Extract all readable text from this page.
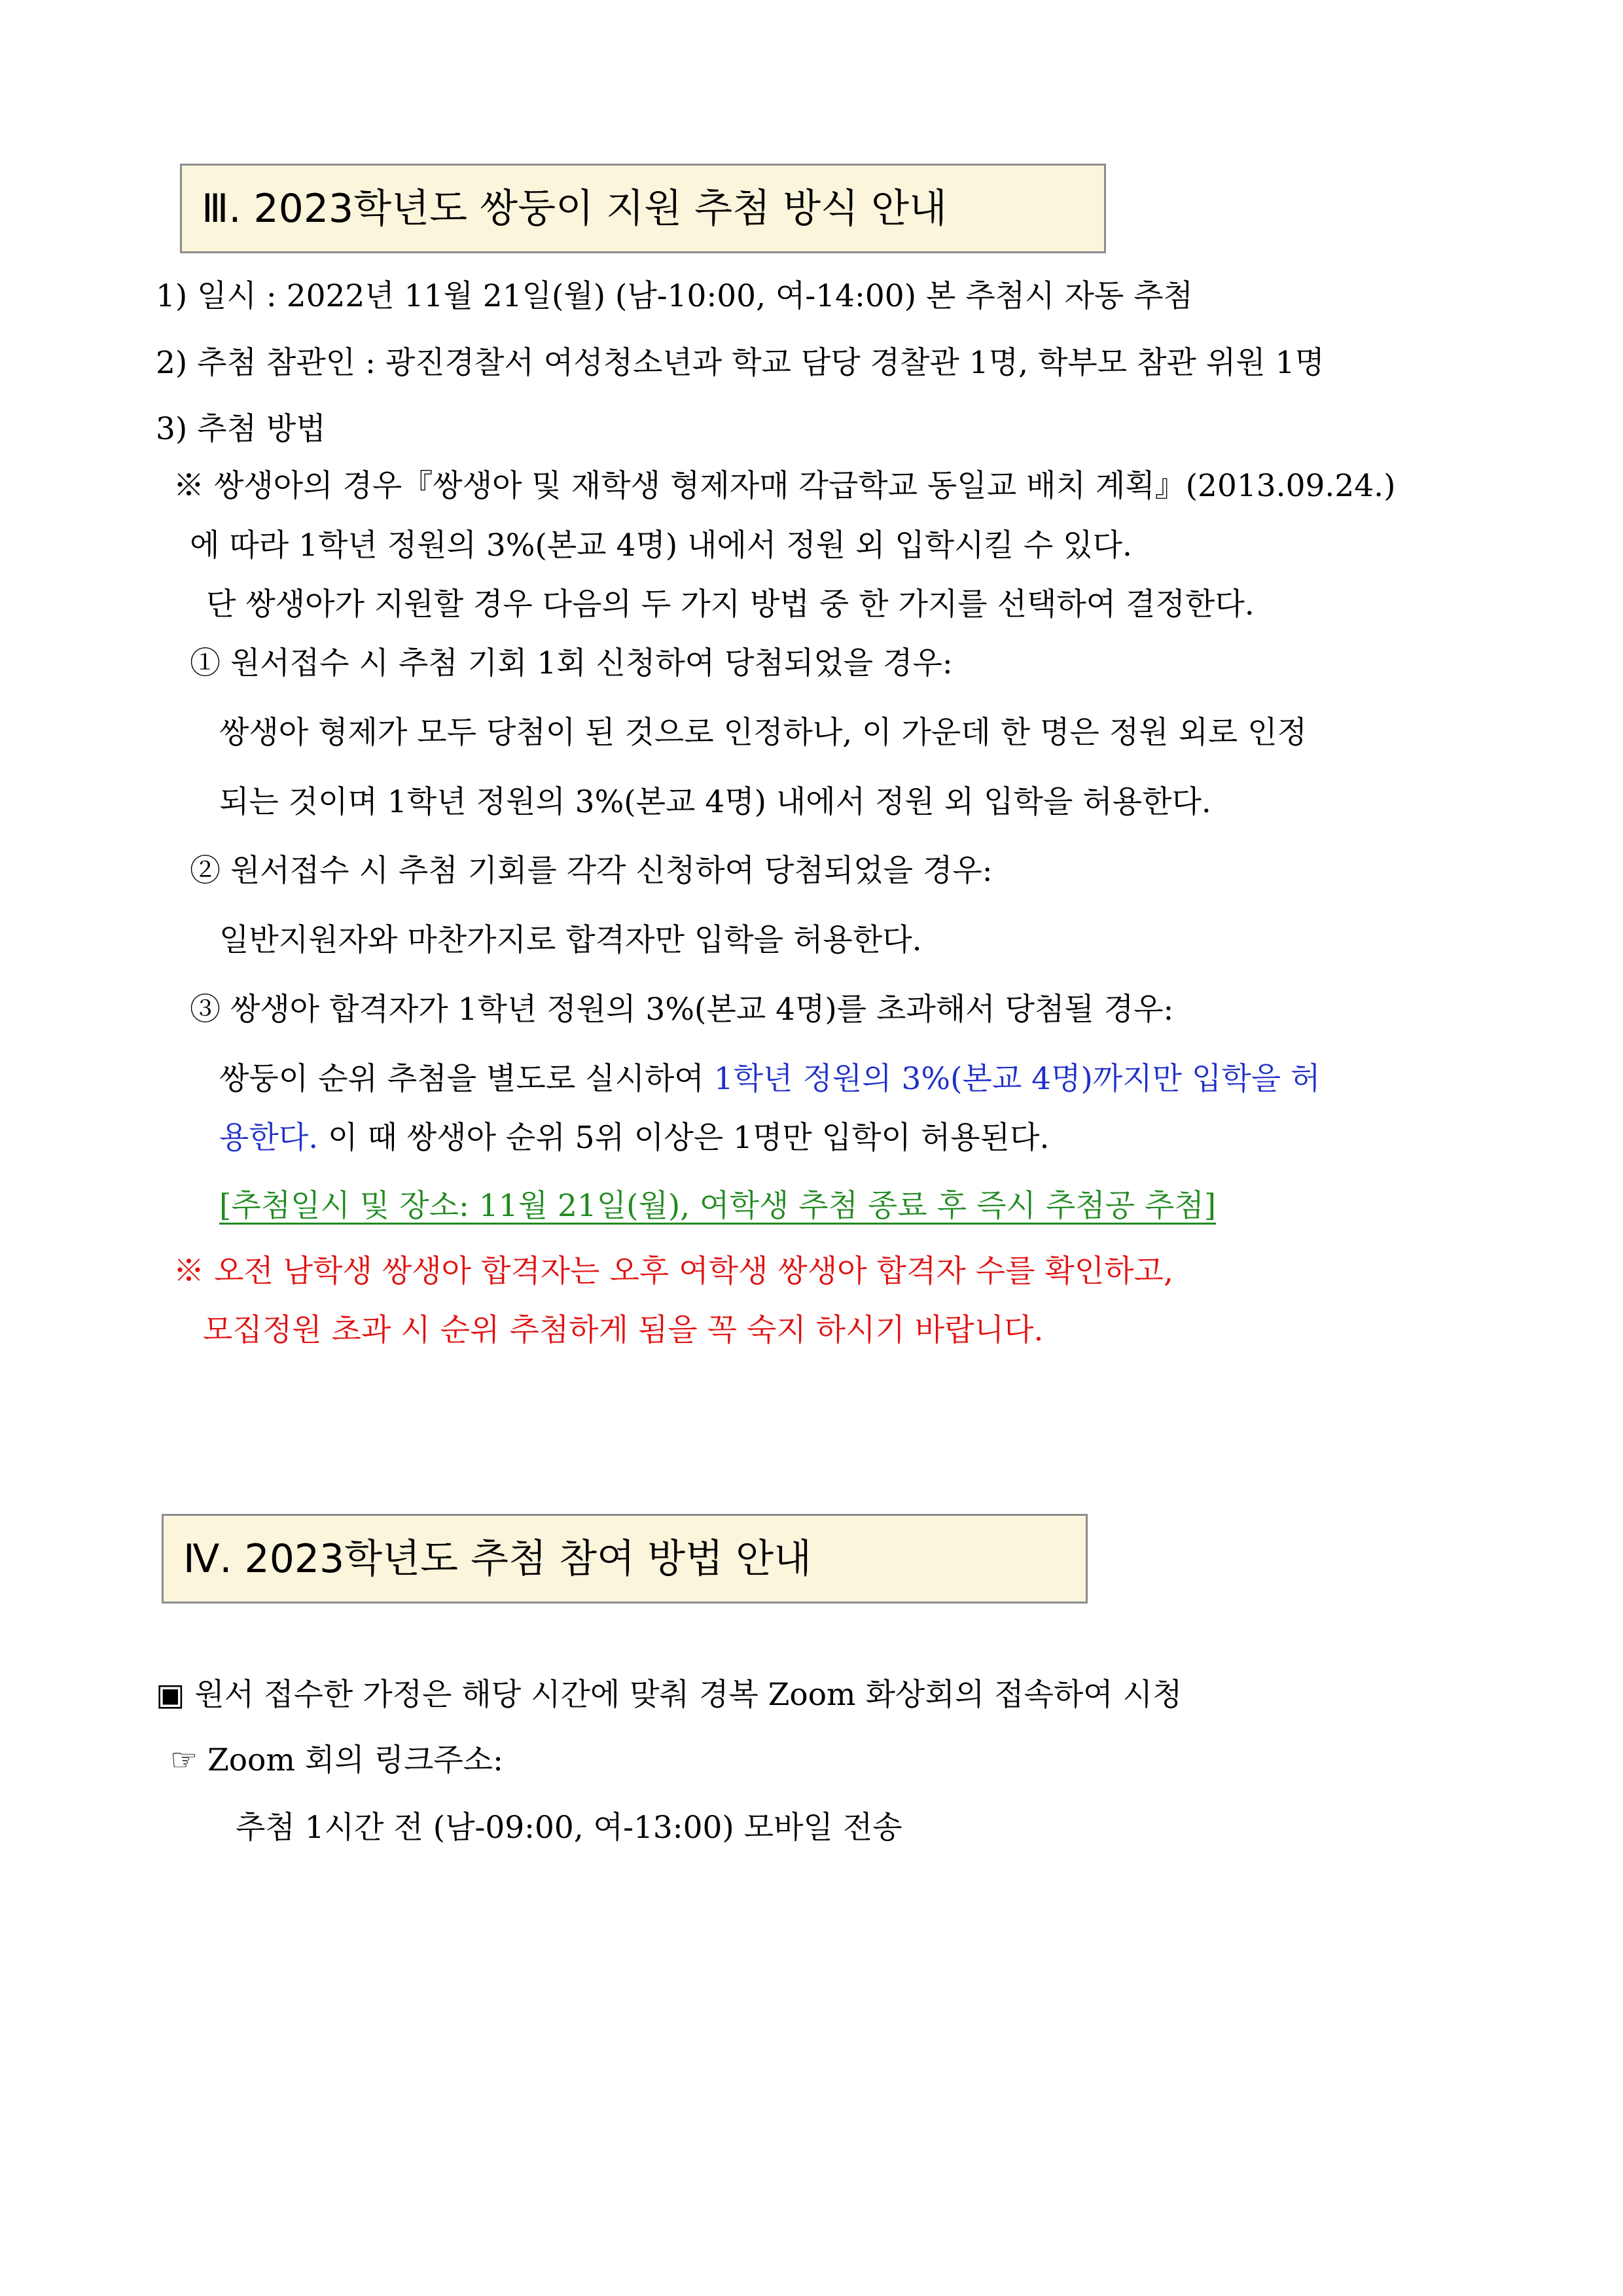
Ⅲ. 2023학년도 쌍둥이 지원 추첨 방식 안내
1) 일시 : 2022년 11월 21일(월) (남-10:00, 여-14:00) 본 추첨시 자동 추첨
2) 추첨 참관인 : 광진경찰서 여성청소년과 학교 담당 경찰관 1명, 학부모 참관 위원 1명
3) 추첨 방법
※ 쌍생아의 경우『쌍생아 및 재학생 형제자매 각급학교 동일교 배치 계획』(2013.09.24.)
에 따라 1학년 정원의 3%(본교 4명) 내에서 정원 외 입학시킬 수 있다.
단 쌍생아가 지원할 경우 다음의 두 가지 방법 중 한 가지를 선택하여 결정한다.
① 원서접수 시 추첨 기회 1회 신청하여 당첨되었을 경우:
쌍생아 형제가 모두 당첨이 된 것으로 인정하나, 이 가운데 한 명은 정원 외로 인정
되는 것이며 1학년 정원의 3%(본교 4명) 내에서 정원 외 입학을 허용한다.
② 원서접수 시 추첨 기회를 각각 신청하여 당첨되었을 경우:
일반지원자와 마찬가지로 합격자만 입학을 허용한다.
③ 쌍생아 합격자가 1학년 정원의 3%(본교 4명)를 초과해서 당첨될 경우:
쌍둥이 순위 추첨을 별도로 실시하여 1학년 정원의 3%(본교 4명)까지만 입학을 허
용한다. 이 때 쌍생아 순위 5위 이상은 1명만 입학이 허용된다.
[추첨일시 및 장소: 11월 21일(월), 여학생 추첨 종료 후 즉시 추첨공 추첨]
※ 오전 남학생 쌍생아 합격자는 오후 여학생 쌍생아 합격자 수를 확인하고,
모집정원 초과 시 순위 추첨하게 됨을 꼭 숙지 하시기 바랍니다.
Ⅳ. 2023학년도 추첨 참여 방법 안내
▣ 원서 접수한 가정은 해당 시간에 맞춰 경복 Zoom 화상회의 접속하여 시청
☞ Zoom 회의 링크주소:
추첨 1시간 전 (남-09:00, 여-13:00) 모바일 전송
